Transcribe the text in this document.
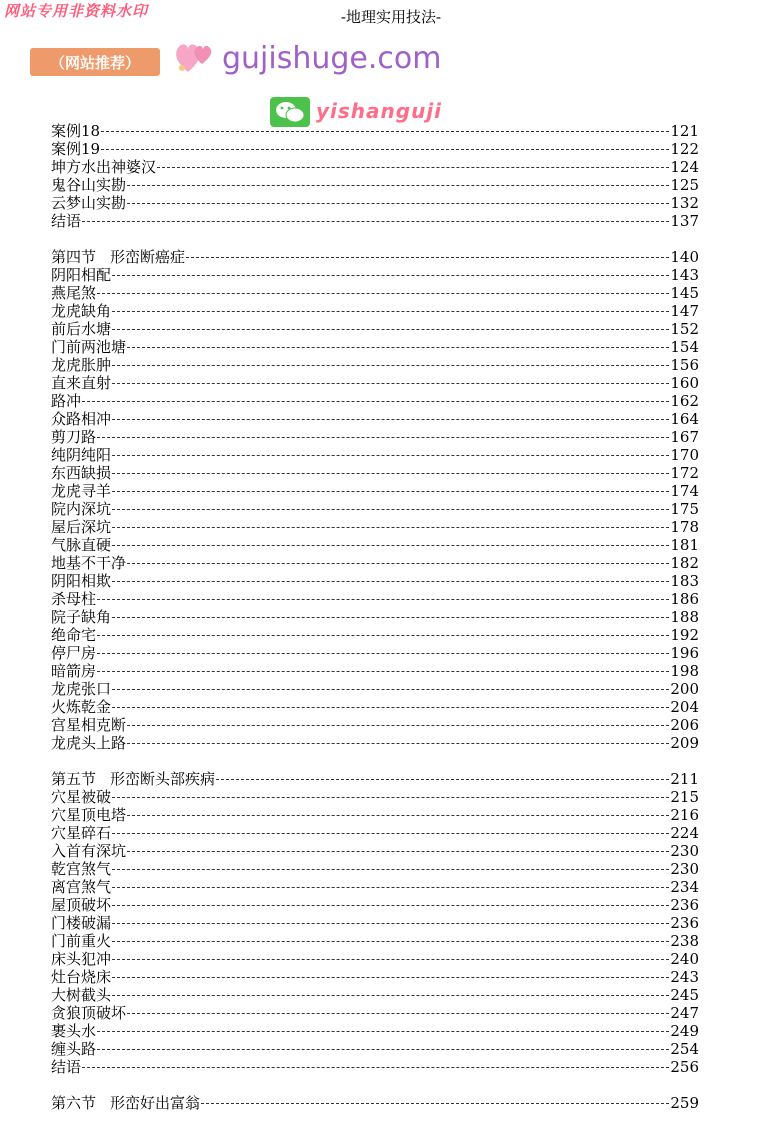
网站专用非资料水印	-地理实用技法-
（网站推荐）	gujishuge.com
yishanguji
案例18	121
案例19	122
坤方水出神婆汉	124
鬼谷山实勘	125
云梦山实勘	132
结语	137
第四节 形峦断癌症	140
阴阳相配	143
燕尾煞	145
龙虎缺角	147
前后水塘	152
门前两池塘	154
龙虎胀肿	156
直来直射	160
路冲	162
众路相冲	164
剪刀路	167
纯阴纯阳	170
东西缺损	172
龙虎寻羊	174
院内深坑	175
屋后深坑	178
气脉直硬	181
地基不干净	182
阴阳相欺	183
杀母柱	186
院子缺角	188
绝命宅	192
停尸房	196
暗箭房	198
龙虎张口	200
火炼乾金	204
宫星相克断	206
龙虎头上路	209
第五节 形峦断头部疾病	211
穴星被破	215
穴星顶电塔	216
穴星碎石	224
入首有深坑	230
乾宫煞气	230
离宫煞气	234
屋顶破坏	236
门楼破漏	236
门前重火	238
床头犯冲	240
灶台烧床	243
大树截头	245
贪狼顶破坏	247
裹头水	249
缠头路	254
结语	256
第六节 形峦好出富翁	259
